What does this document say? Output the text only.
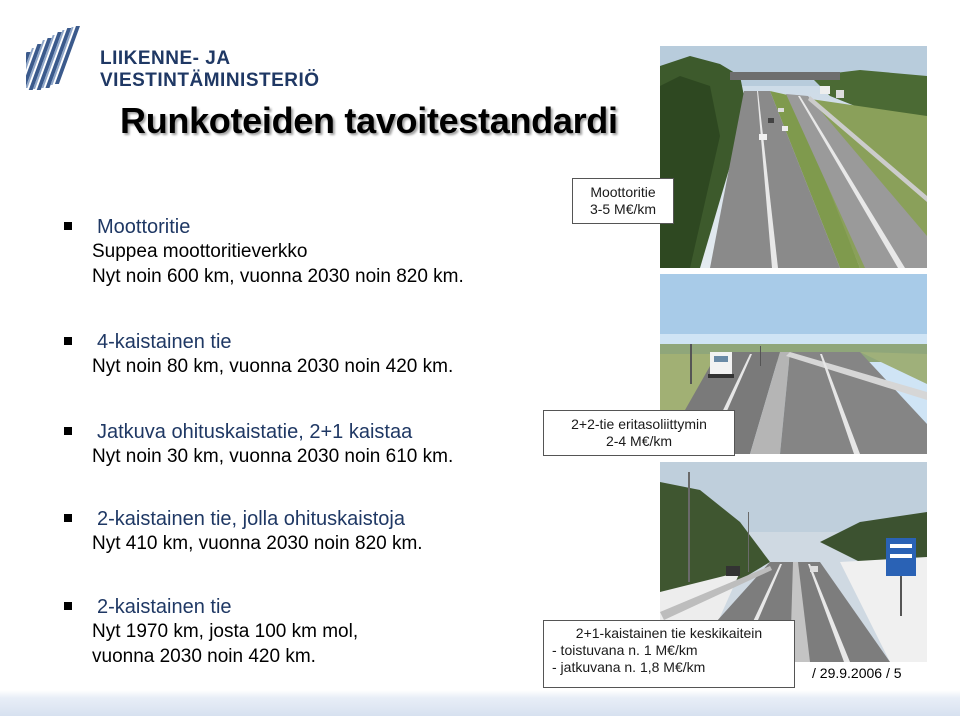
LIIKENNE- JA
VIESTINTÄMINISTERIÖ
Runkoteiden tavoitestandardi
Moottoritie
Suppea moottoritieverkko
Nyt noin 600 km, vuonna 2030 noin 820 km.
4-kaistainen tie
Nyt noin 80 km, vuonna 2030 noin 420 km.
Jatkuva ohituskaistatie, 2+1 kaistaa
Nyt noin 30 km, vuonna 2030 noin 610 km.
2-kaistainen tie, jolla ohituskaistoja
Nyt 410 km, vuonna 2030 noin 820 km.
2-kaistainen tie
Nyt 1970 km, josta 100 km mol,
vuonna 2030 noin 420 km.
Moottoritie
3-5 M€/km
2+2-tie eritasoliittymin
2-4 M€/km
2+1-kaistainen tie keskikaitein
- toistuvana n. 1 M€/km
- jatkuvana n. 1,8 M€/km	/ 29.9.2006 / 5
